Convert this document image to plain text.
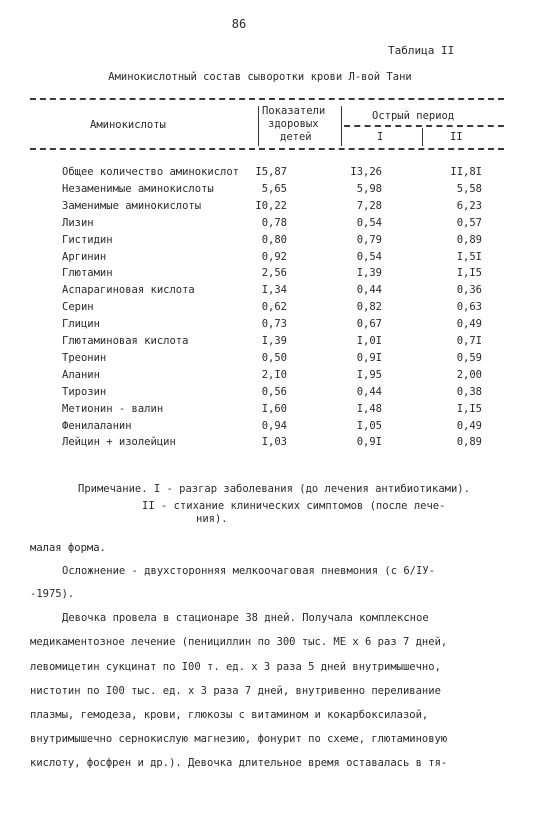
86
Таблица II
Аминокислотный состав сыворотки крови Л-вой Тани
Аминокислоты
Показатели
здоровых
детей
Острый период
I	II
Общее количество аминокислот	I5,87	I3,26	II,8I
Незаменимые аминокислоты	5,65	5,98	5,58
Заменимые аминокислоты	I0,22	7,28	6,23
Лизин	0,78	0,54	0,57
Гистидин	0,80	0,79	0,89
Аргинин	0,92	0,54	I,5I
Глютамин	2,56	I,39	I,I5
Аспарагиновая кислота	I,34	0,44	0,36
Серин	0,62	0,82	0,63
Глицин	0,73	0,67	0,49
Глютаминовая кислота	I,39	I,0I	0,7I
Треонин	0,50	0,9I	0,59
Аланин	2,I0	I,95	2,00
Тирозин	0,56	0,44	0,38
Метионин - валин	I,60	I,48	I,I5
Фенилаланин	0,94	I,05	0,49
Лейцин + изолейцин	I,03	0,9I	0,89
Примечание. I - разгар заболевания (до лечения антибиотиками).
II - стихание клинических симптомов (после лече-
ния).
малая форма.
Осложнение - двухсторонняя мелкоочаговая пневмония (с 6/IУ-
-1975).
Девочка провела в стационаре 38 дней. Получала комплексное
медикаментозное лечение (пенициллин по 300 тыс. МЕ х 6 раз 7 дней,
левомицетин сукцинат по I00 т. ед. х 3 раза 5 дней внутримышечно,
нистотин по I00 тыс. ед. х 3 раза 7 дней, внутривенно переливание
плазмы, гемодеза, крови, глюкозы с витамином и кокарбоксилазой,
внутримышечно сернокислую магнезию, фонурит по схеме, глютаминовую
кислоту, фосфрен и др.). Девочка длительное время оставалась в тя-
